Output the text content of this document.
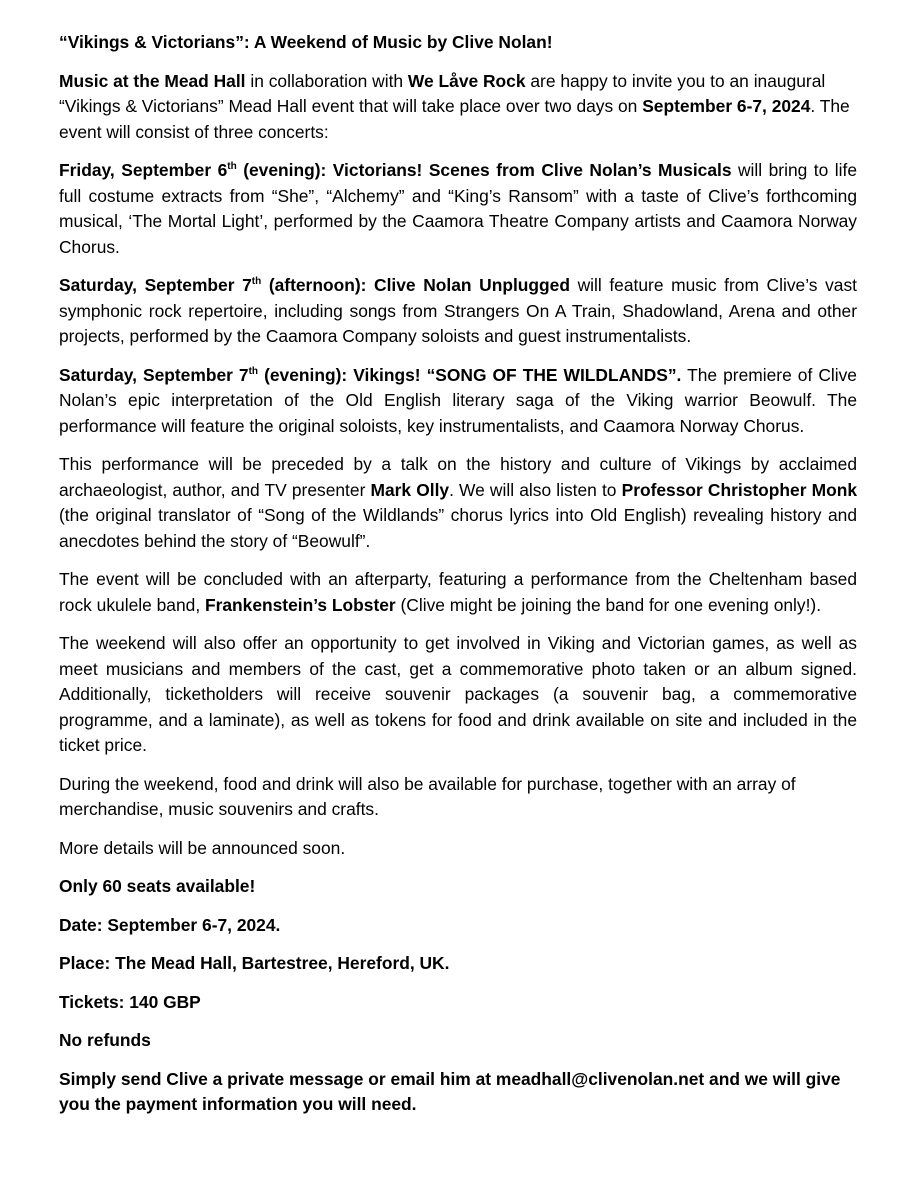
“Vikings & Victorians”: A Weekend of Music by Clive Nolan!

Music at the Mead Hall in collaboration with We Låve Rock are happy to invite you to an inaugural “Vikings & Victorians” Mead Hall event that will take place over two days on September 6-7, 2024. The event will consist of three concerts:

Friday, September 6th (evening): Victorians! Scenes from Clive Nolan’s Musicals will bring to life full costume extracts from “She”, “Alchemy” and “King’s Ransom” with a taste of Clive’s forthcoming musical, ‘The Mortal Light’, performed by the Caamora Theatre Company artists and Caamora Norway Chorus.

Saturday, September 7th (afternoon): Clive Nolan Unplugged will feature music from Clive’s vast symphonic rock repertoire, including songs from Strangers On A Train, Shadowland, Arena and other projects, performed by the Caamora Company soloists and guest instrumentalists.

Saturday, September 7th (evening): Vikings! “SONG OF THE WILDLANDS”. The premiere of Clive Nolan’s epic interpretation of the Old English literary saga of the Viking warrior Beowulf. The performance will feature the original soloists, key instrumentalists, and Caamora Norway Chorus.

This performance will be preceded by a talk on the history and culture of Vikings by acclaimed archaeologist, author, and TV presenter Mark Olly. We will also listen to Professor Christopher Monk (the original translator of “Song of the Wildlands” chorus lyrics into Old English) revealing history and anecdotes behind the story of “Beowulf”.

The event will be concluded with an afterparty, featuring a performance from the Cheltenham based rock ukulele band, Frankenstein’s Lobster (Clive might be joining the band for one evening only!).

The weekend will also offer an opportunity to get involved in Viking and Victorian games, as well as meet musicians and members of the cast, get a commemorative photo taken or an album signed. Additionally, ticketholders will receive souvenir packages (a souvenir bag, a commemorative programme, and a laminate), as well as tokens for food and drink available on site and included in the ticket price.

During the weekend, food and drink will also be available for purchase, together with an array of merchandise, music souvenirs and crafts.

More details will be announced soon.

Only 60 seats available!

Date: September 6-7, 2024.

Place: The Mead Hall, Bartestree, Hereford, UK.

Tickets: 140 GBP

No refunds

Simply send Clive a private message or email him at meadhall@clivenolan.net and we will give you the payment information you will need.
